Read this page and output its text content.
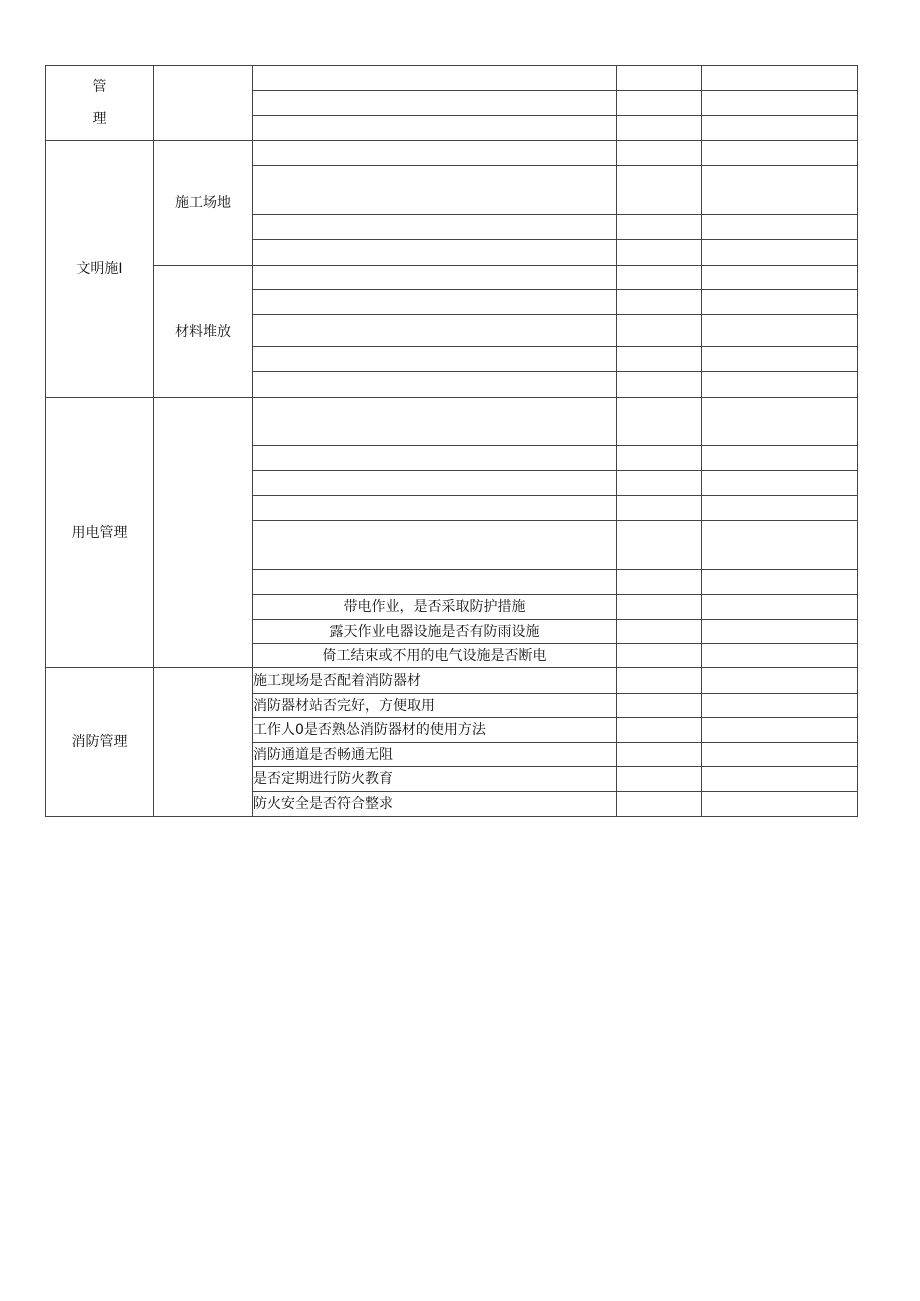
管
理				

文明施I	施工场地			

	材料堆放			

用电管理				

		带电作业，是否采取防护措施		
		露天作业电器设施是否有防雨设施		
		倚工结束或不用的电气设施是否断电		
消防管理		施工现场是否配着消防器材		
		消防器材站否完好，方便取用		
		工作人0是否熟怂消防器材的使用方法		
		消防通道是否畅通无阻		
		是否定期进行防火教育		
		防火安全是否符合整求		
